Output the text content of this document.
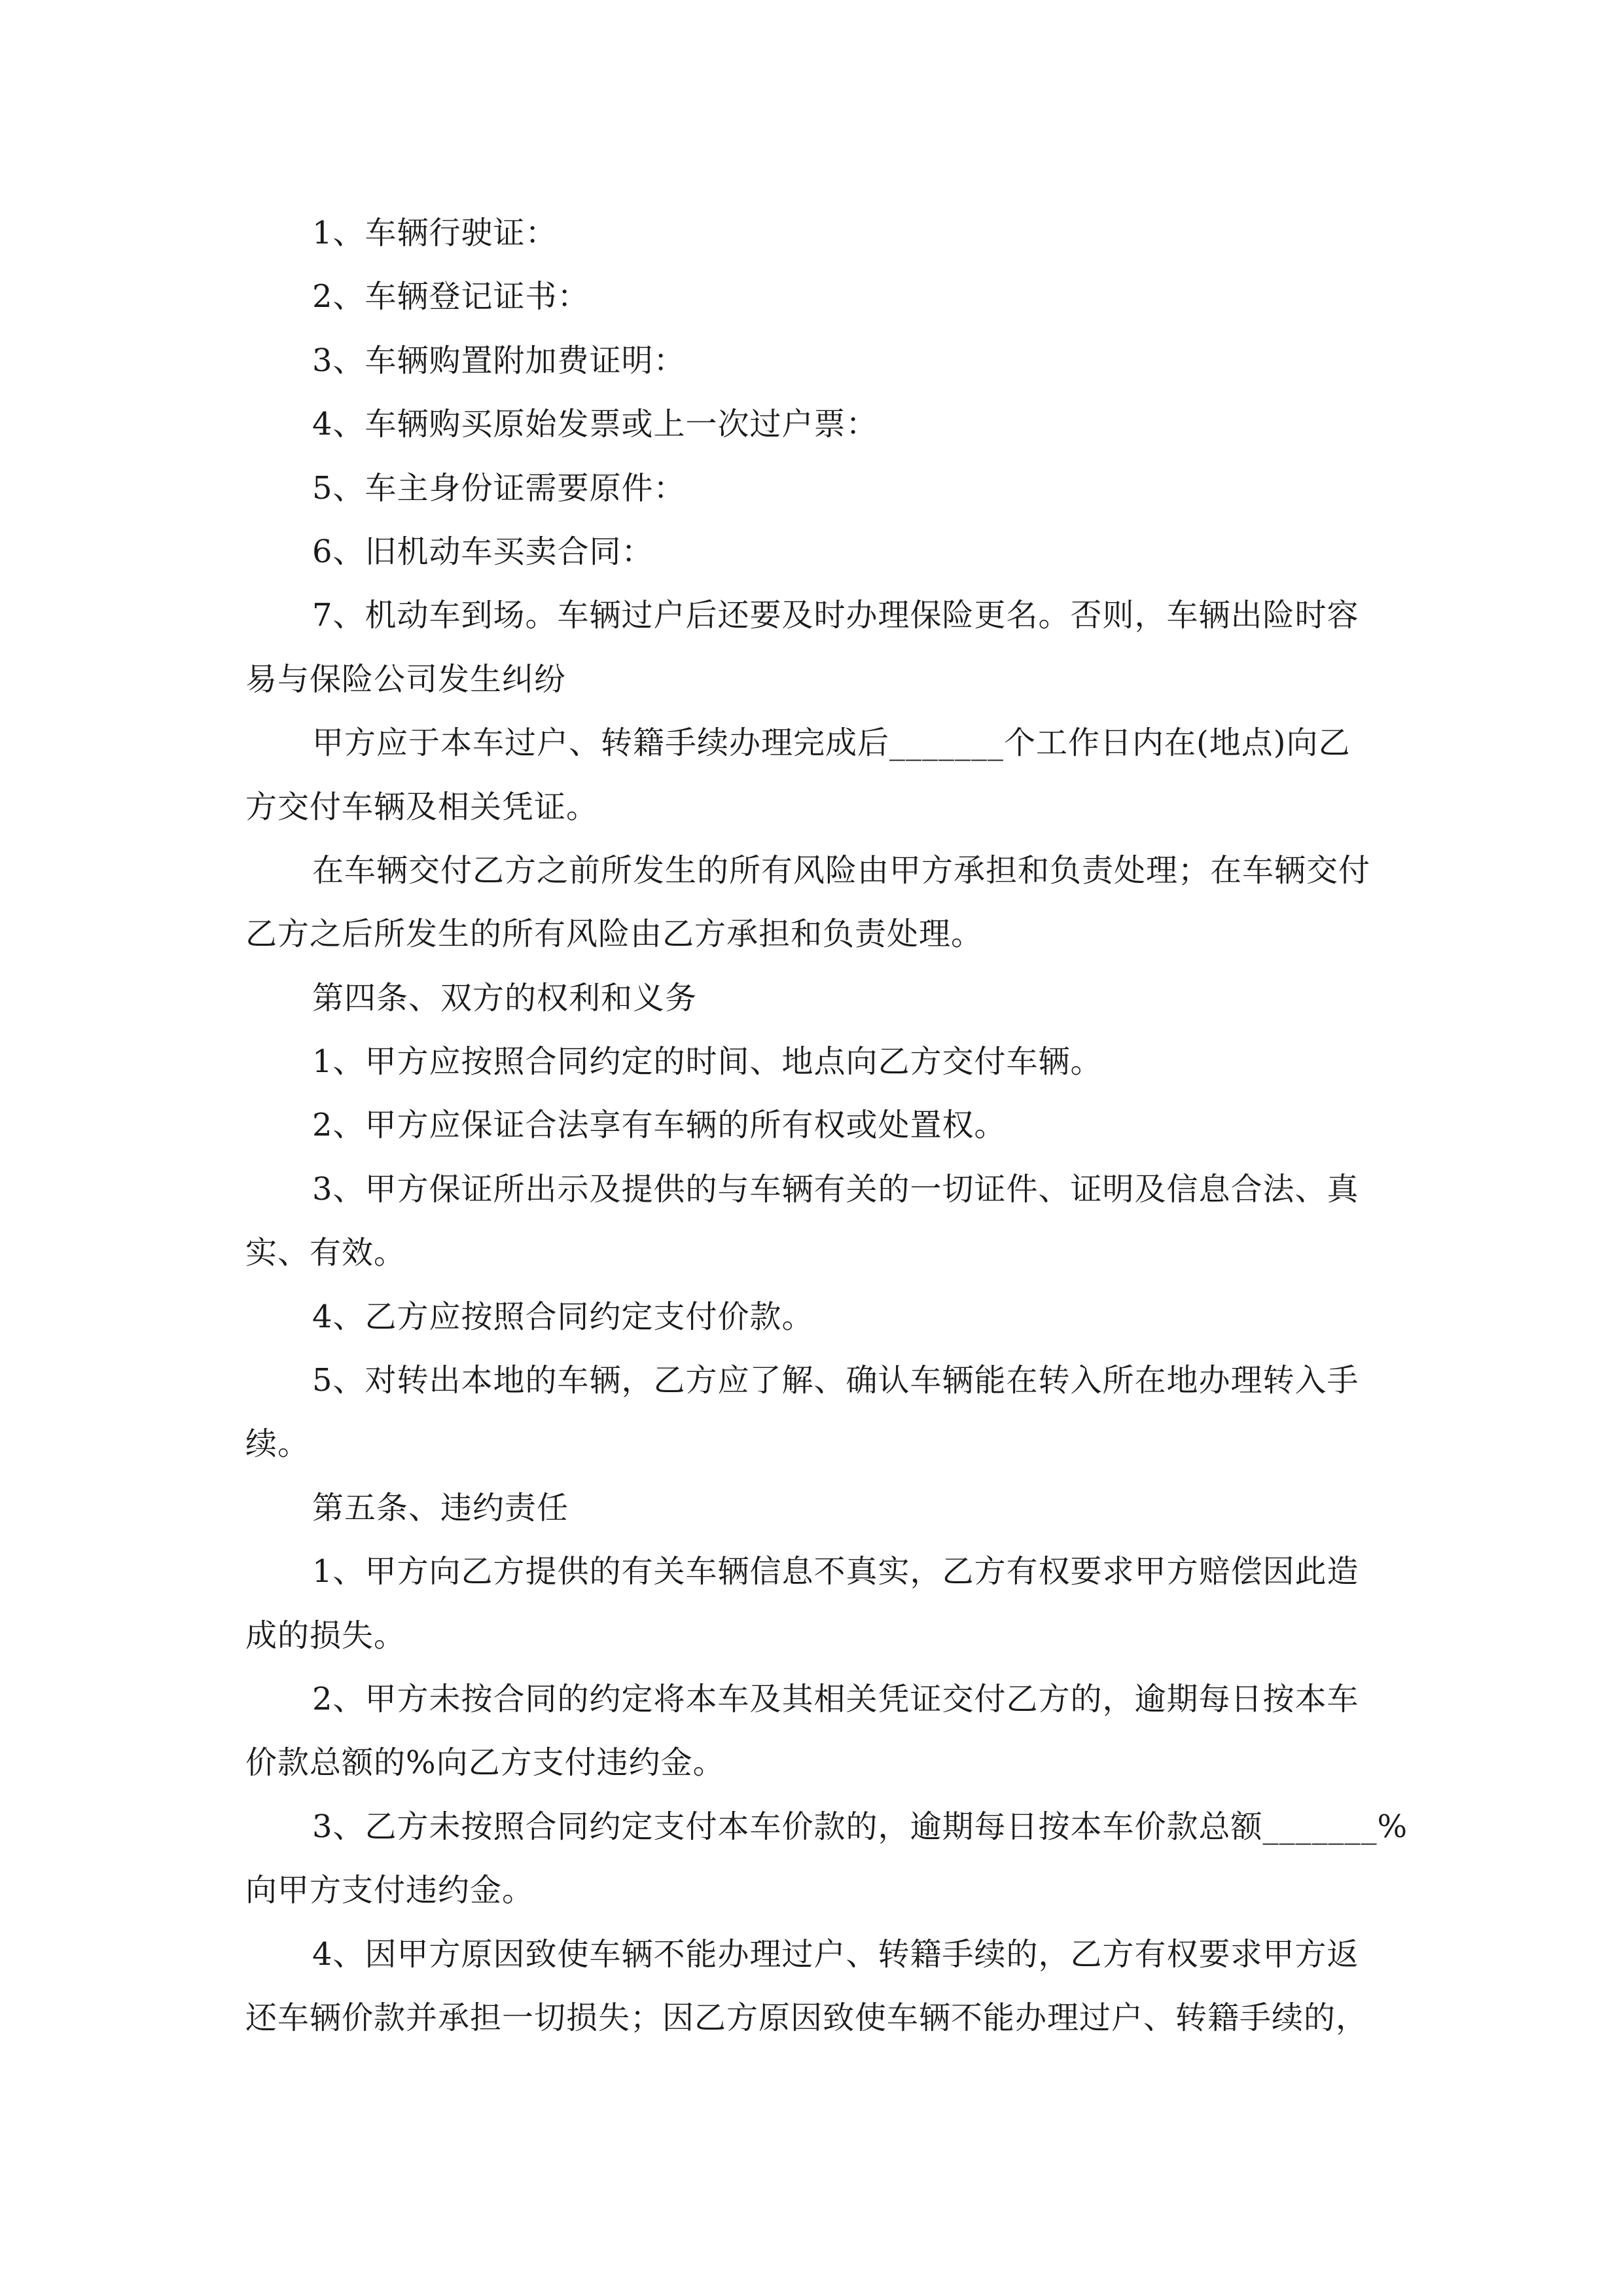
1、车辆行驶证：
2、车辆登记证书：
3、车辆购置附加费证明：
4、车辆购买原始发票或上一次过户票：
5、车主身份证需要原件：
6、旧机动车买卖合同：
7、机动车到场。车辆过户后还要及时办理保险更名。否则，车辆出险时容
易与保险公司发生纠纷
甲方应于本车过户、转籍手续办理完成后_______个工作日内在(地点)向乙
方交付车辆及相关凭证。
在车辆交付乙方之前所发生的所有风险由甲方承担和负责处理；在车辆交付
乙方之后所发生的所有风险由乙方承担和负责处理。
第四条、双方的权利和义务
1、甲方应按照合同约定的时间、地点向乙方交付车辆。
2、甲方应保证合法享有车辆的所有权或处置权。
3、甲方保证所出示及提供的与车辆有关的一切证件、证明及信息合法、真
实、有效。
4、乙方应按照合同约定支付价款。
5、对转出本地的车辆，乙方应了解、确认车辆能在转入所在地办理转入手
续。
第五条、违约责任
1、甲方向乙方提供的有关车辆信息不真实，乙方有权要求甲方赔偿因此造
成的损失。
2、甲方未按合同的约定将本车及其相关凭证交付乙方的，逾期每日按本车
价款总额的%向乙方支付违约金。
3、乙方未按照合同约定支付本车价款的，逾期每日按本车价款总额_______%
向甲方支付违约金。
4、因甲方原因致使车辆不能办理过户、转籍手续的，乙方有权要求甲方返
还车辆价款并承担一切损失；因乙方原因致使车辆不能办理过户、转籍手续的，
